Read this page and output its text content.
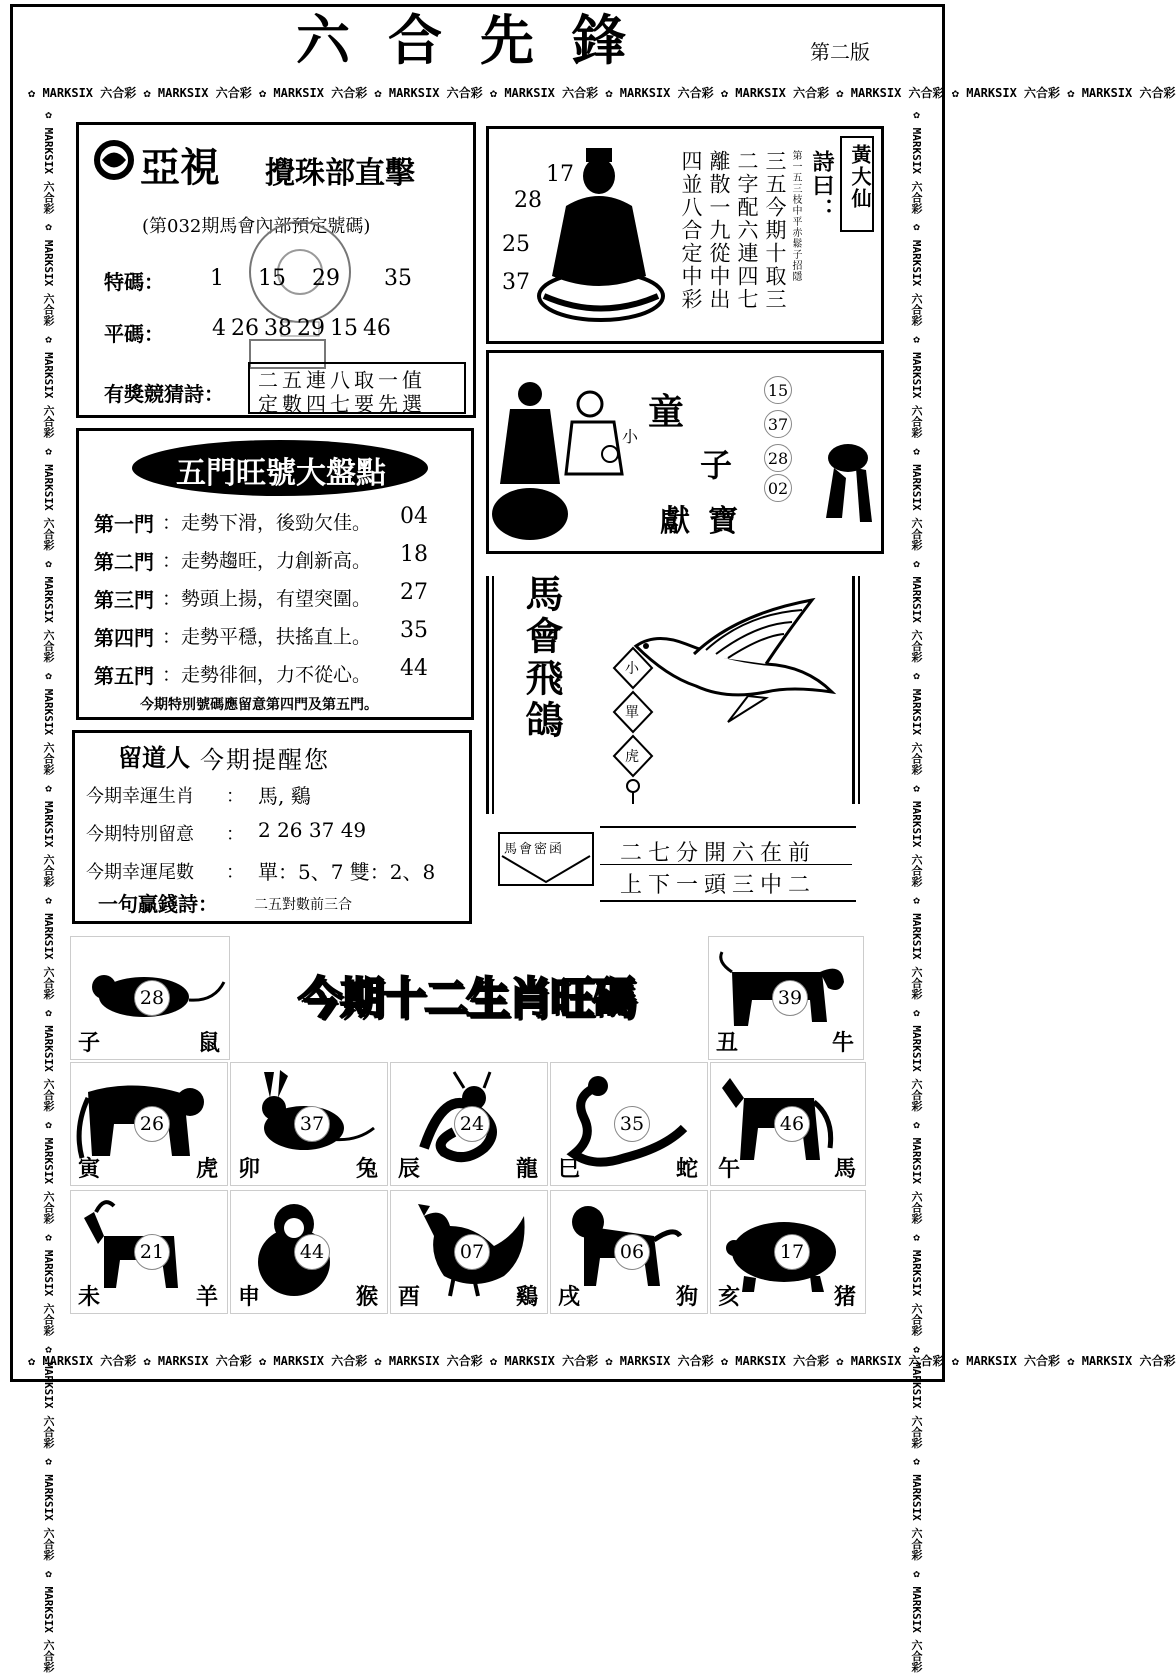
六合先鋒	第二版
✿ MARKSIX 六合彩 ✿ MARKSIX 六合彩 ✿ MARKSIX 六合彩 ✿ MARKSIX 六合彩 ✿ MARKSIX 六合彩 ✿ MARKSIX 六合彩 ✿ MARKSIX 六合彩 ✿ MARKSIX 六合彩 ✿ MARKSIX 六合彩 ✿ MARKSIX 六合彩
✿ MARKSIX 六合彩 ✿ MARKSIX 六合彩 ✿ MARKSIX 六合彩 ✿ MARKSIX 六合彩 ✿ MARKSIX 六合彩 ✿ MARKSIX 六合彩 ✿ MARKSIX 六合彩 ✿ MARKSIX 六合彩 ✿ MARKSIX 六合彩 ✿ MARKSIX 六合彩
✿ MARKSIX 六合彩 ✿ MARKSIX 六合彩 ✿ MARKSIX 六合彩 ✿ MARKSIX 六合彩 ✿ MARKSIX 六合彩 ✿ MARKSIX 六合彩 ✿ MARKSIX 六合彩 ✿ MARKSIX 六合彩 ✿ MARKSIX 六合彩 ✿ MARKSIX 六合彩 ✿ MARKSIX 六合彩 ✿ MARKSIX 六合彩 ✿ MARKSIX 六合彩 ✿ MARKSIX 六合彩	✿ MARKSIX 六合彩 ✿ MARKSIX 六合彩 ✿ MARKSIX 六合彩 ✿ MARKSIX 六合彩 ✿ MARKSIX 六合彩 ✿ MARKSIX 六合彩 ✿ MARKSIX 六合彩 ✿ MARKSIX 六合彩 ✿ MARKSIX 六合彩 ✿ MARKSIX 六合彩 ✿ MARKSIX 六合彩 ✿ MARKSIX 六合彩 ✿ MARKSIX 六合彩 ✿ MARKSIX 六合彩
亞視 攪珠部直擊
(第032期馬會內部預定號碼)
特碼： 1 15 29 35
平碼： 4 26 38 29 15 46
有獎競猜詩：
二五連八取一值
定數四七要先選
17
28
25
37	四並八合定中彩 離散一九從中出 二字配六連四七 三五今期十取三 第一五三枝中平赤鬆子招隱 詩曰： 黃大仙
小
童
子
獻寶
15
37
28
02
五門旺號大盤點
第一門 ：走勢下滑，後勁欠佳。 04
第二門 ：走勢趨旺，力創新高。 18
第三門 ：勢頭上揚，有望突圍。 27
第四門 ：走勢平穩，扶搖直上。 35
第五門 ：走勢徘徊，力不從心。 44
今期特別號碼應留意第四門及第五門。	馬會飛鴿	小
單
虎
馬會密函	二七分開六在前
上下一頭三中二
留道人 今期提醒您
今期幸運生肖 ： 馬, 鷄
今期特別留意 ： 2 26 37 49
今期幸運尾數 ： 單：5、7 雙：2、8
一句贏錢詩：	二五對數前三合
今期十二生肖旺碼
28
子	鼠
39
丑	牛
26
寅	虎
37
卯	兔
24
辰	龍
35
巳	蛇
46
午	馬
21
未	羊
44
申	猴
07
酉	鷄
06
戌	狗
17
亥	猪
